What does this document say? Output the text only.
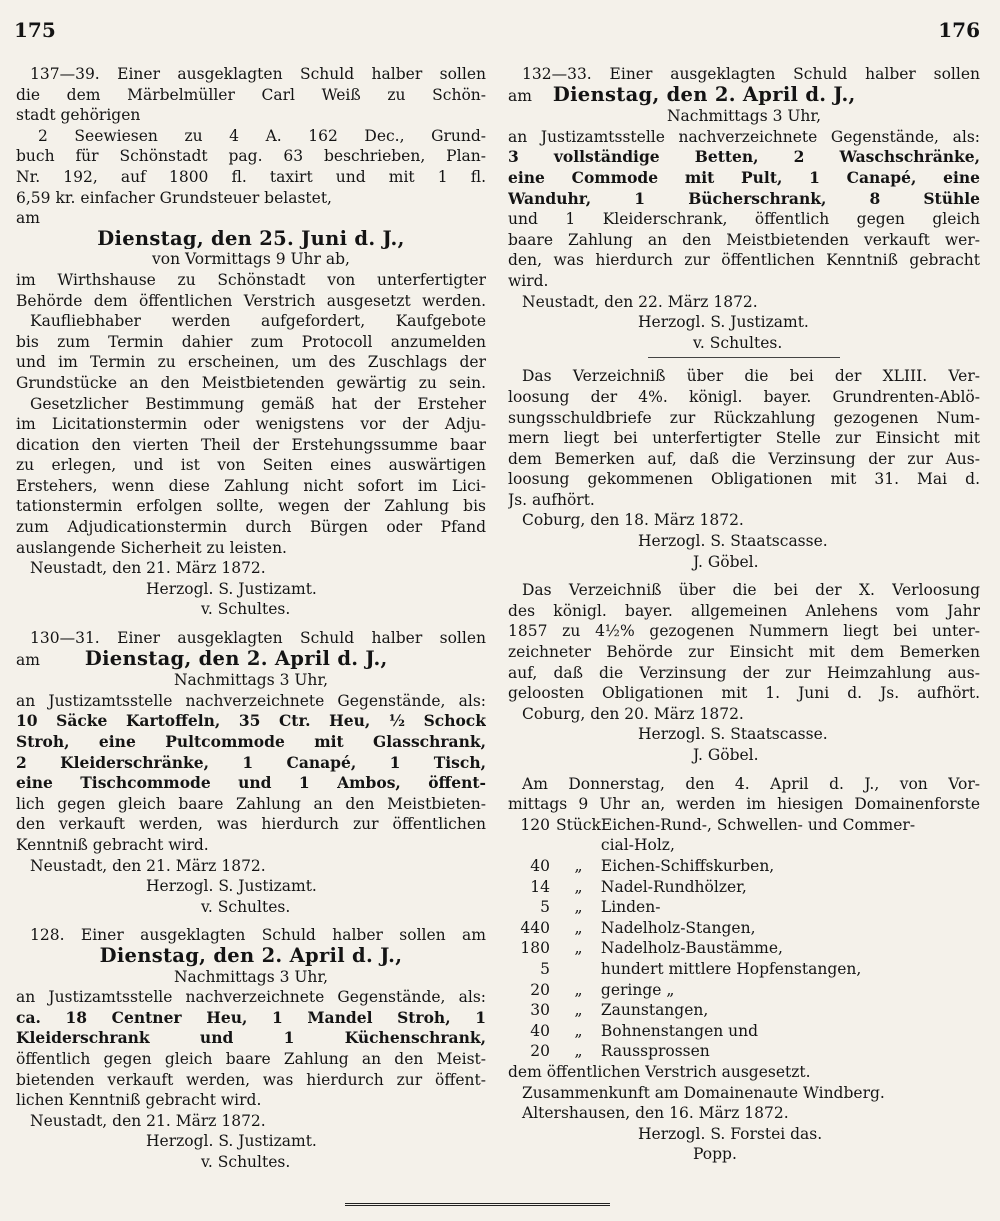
175	176
137—39. Einer ausgeklagten Schuld halber sollen
die dem Märbelmüller Carl Weiß zu Schön-
stadt gehörigen
2 Seewiesen zu 4 A. 162 Dec., Grund-
buch für Schönstadt pag. 63 beschrieben, Plan-
Nr. 192, auf 1800 fl. taxirt und mit 1 fl.
6,59 kr. einfacher Grundsteuer belastet,
am
Dienstag, den 25. Juni d. J.,
von Vormittags 9 Uhr ab,
im Wirthshause zu Schönstadt von unterfertigter
Behörde dem öffentlichen Verstrich ausgesetzt werden.
Kaufliebhaber werden aufgefordert, Kaufgebote
bis zum Termin dahier zum Protocoll anzumelden
und im Termin zu erscheinen, um des Zuschlags der
Grundstücke an den Meistbietenden gewärtig zu sein.
Gesetzlicher Bestimmung gemäß hat der Ersteher
im Licitationstermin oder wenigstens vor der Adju-
dication den vierten Theil der Erstehungssumme baar
zu erlegen, und ist von Seiten eines auswärtigen
Erstehers, wenn diese Zahlung nicht sofort im Lici-
tationstermin erfolgen sollte, wegen der Zahlung bis
zum Adjudicationstermin durch Bürgen oder Pfand
auslangende Sicherheit zu leisten.
Neustadt, den 21. März 1872.
Herzogl. S. Justizamt.
v. Schultes.
130—31. Einer ausgeklagten Schuld halber sollen
am Dienstag, den 2. April d. J.,
Nachmittags 3 Uhr,
an Justizamtsstelle nachverzeichnete Gegenstände, als:
10 Säcke Kartoffeln, 35 Ctr. Heu, ½ Schock
Stroh, eine Pultcommode mit Glasschrank,
2 Kleiderschränke, 1 Canapé, 1 Tisch,
eine Tischcommode und 1 Ambos, öffent-
lich gegen gleich baare Zahlung an den Meistbieten-
den verkauft werden, was hierdurch zur öffentlichen
Kenntniß gebracht wird.
Neustadt, den 21. März 1872.
Herzogl. S. Justizamt.
v. Schultes.
128. Einer ausgeklagten Schuld halber sollen am
Dienstag, den 2. April d. J.,
Nachmittags 3 Uhr,
an Justizamtsstelle nachverzeichnete Gegenstände, als:
ca. 18 Centner Heu, 1 Mandel Stroh, 1
Kleiderschrank und 1 Küchenschrank,
öffentlich gegen gleich baare Zahlung an den Meist-
bietenden verkauft werden, was hierdurch zur öffent-
lichen Kenntniß gebracht wird.
Neustadt, den 21. März 1872.
Herzogl. S. Justizamt.
v. Schultes.
132—33. Einer ausgeklagten Schuld halber sollen
am Dienstag, den 2. April d. J.,
Nachmittags 3 Uhr,
an Justizamtsstelle nachverzeichnete Gegenstände, als:
3 vollständige Betten, 2 Waschschränke,
eine Commode mit Pult, 1 Canapé, eine
Wanduhr, 1 Bücherschrank, 8 Stühle
und 1 Kleiderschrank, öffentlich gegen gleich
baare Zahlung an den Meistbietenden verkauft wer-
den, was hierdurch zur öffentlichen Kenntniß gebracht
wird.
Neustadt, den 22. März 1872.
Herzogl. S. Justizamt.
v. Schultes.
Das Verzeichniß über die bei der XLIII. Ver-
loosung der 4%. königl. bayer. Grundrenten-Ablö-
sungsschuldbriefe zur Rückzahlung gezogenen Num-
mern liegt bei unterfertigter Stelle zur Einsicht mit
dem Bemerken auf, daß die Verzinsung der zur Aus-
loosung gekommenen Obligationen mit 31. Mai d.
Js. aufhört.
Coburg, den 18. März 1872.
Herzogl. S. Staatscasse.
J. Göbel.
Das Verzeichniß über die bei der X. Verloosung
des königl. bayer. allgemeinen Anlehens vom Jahr
1857 zu 4½% gezogenen Nummern liegt bei unter-
zeichneter Behörde zur Einsicht mit dem Bemerken
auf, daß die Verzinsung der zur Heimzahlung aus-
geloosten Obligationen mit 1. Juni d. Js. aufhört.
Coburg, den 20. März 1872.
Herzogl. S. Staatscasse.
J. Göbel.
Am Donnerstag, den 4. April d. J., von Vor-
mittags 9 Uhr an, werden im hiesigen Domainenforste
120	Stück	Eichen-Rund-, Schwellen- und Commer-
		cial-Holz,
40	„	Eichen-Schiffskurben,
14	„	Nadel-Rundhölzer,
5	„	Linden-
440	„	Nadelholz-Stangen,
180	„	Nadelholz-Baustämme,
5		hundert mittlere Hopfenstangen,
20	„	geringe „
30	„	Zaunstangen,
40	„	Bohnenstangen und
20	„	Raussprossen
dem öffentlichen Verstrich ausgesetzt.
Zusammenkunft am Domainenaute Windberg.
Altershausen, den 16. März 1872.
Herzogl. S. Forstei das.
Popp.
